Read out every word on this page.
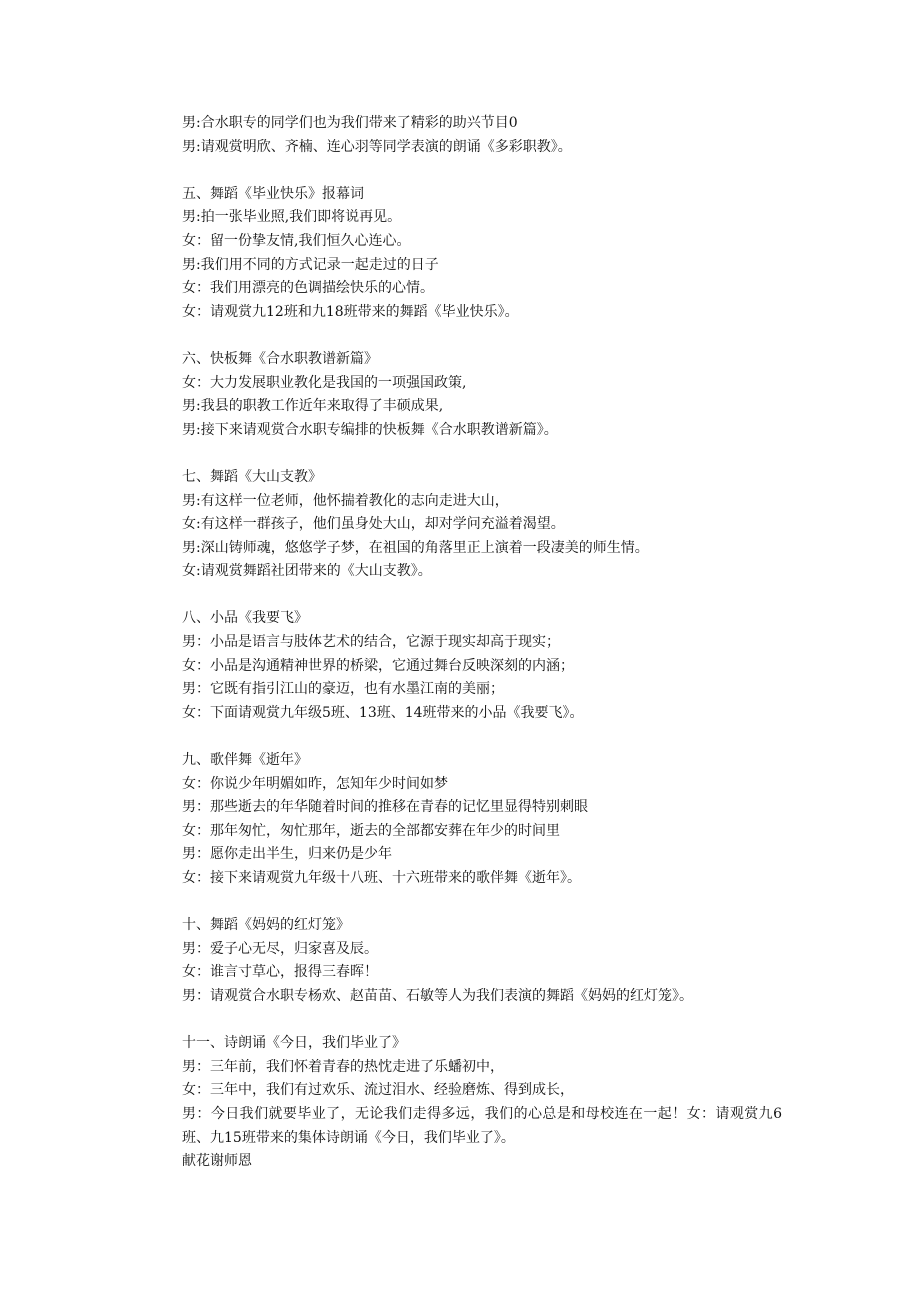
男:合水职专的同学们也为我们带来了精彩的助兴节目0

男:请观赏明欣、齐楠、连心羽等同学表演的朗诵《多彩职教》。

五、舞蹈《毕业快乐》报幕词

男:拍一张毕业照,我们即将说再见。

女：留一份挚友情,我们恒久心连心。

男:我们用不同的方式记录一起走过的日子

女：我们用漂亮的色调描绘快乐的心情。

女：请观赏九12班和九18班带来的舞蹈《毕业快乐》。

六、快板舞《合水职教谱新篇》

女：大力发展职业教化是我国的一项强国政策,

男:我县的职教工作近年来取得了丰硕成果,

男:接下来请观赏合水职专编排的快板舞《合水职教谱新篇》。

七、舞蹈《大山支教》

男:有这样一位老师，他怀揣着教化的志向走进大山，

女:有这样一群孩子，他们虽身处大山，却对学问充溢着渴望。

男:深山铸师魂，悠悠学子梦，在祖国的角落里正上演着一段凄美的师生情。

女:请观赏舞蹈社团带来的《大山支教》。

八、小品《我要飞》

男：小品是语言与肢体艺术的结合，它源于现实却高于现实；

女：小品是沟通精神世界的桥梁，它通过舞台反映深刻的内涵；

男：它既有指引江山的豪迈，也有水墨江南的美丽；

女：下面请观赏九年级5班、13班、14班带来的小品《我要飞》。

九、歌伴舞《逝年》

女：你说少年明媚如昨，怎知年少时间如梦

男：那些逝去的年华随着时间的推移在青春的记忆里显得特别刺眼

女：那年匆忙，匆忙那年，逝去的全部都安葬在年少的时间里

男：愿你走出半生，归来仍是少年

女：接下来请观赏九年级十八班、十六班带来的歌伴舞《逝年》。

十、舞蹈《妈妈的红灯笼》

男：爱子心无尽，归家喜及辰。

女：谁言寸草心，报得三春晖！

男：请观赏合水职专杨欢、赵苗苗、石敏等人为我们表演的舞蹈《妈妈的红灯笼》。

十一、诗朗诵《今日，我们毕业了》

男：三年前，我们怀着青春的热忱走进了乐蟠初中，

女：三年中，我们有过欢乐、流过泪水、经验磨炼、得到成长，

男：今日我们就要毕业了，无论我们走得多远，我们的心总是和母校连在一起！女：请观赏九6班、九15班带来的集体诗朗诵《今日，我们毕业了》。

献花谢师恩
